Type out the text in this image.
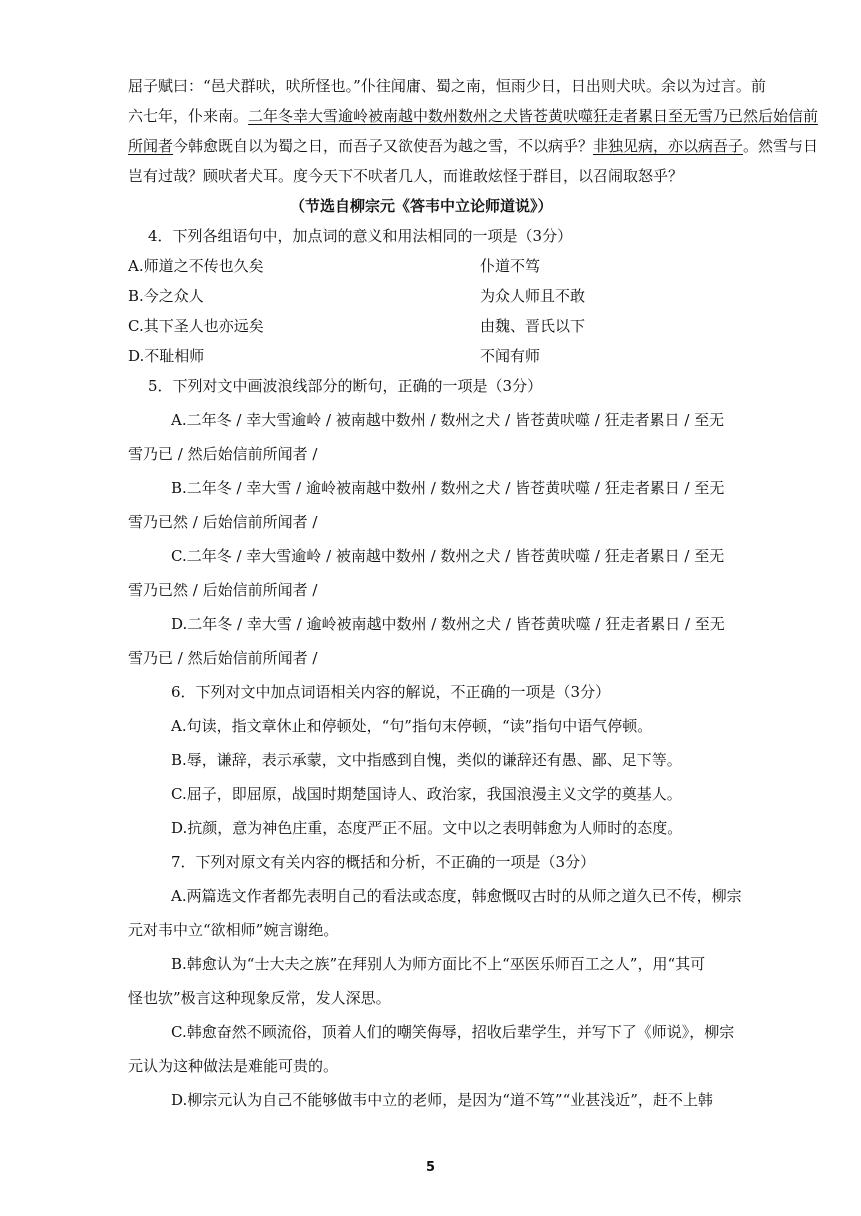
屈子赋曰：“邑犬群吠，吠所怪也。”仆往闻庸、蜀之南，恒雨少日，日出则犬吠。余以为过言。前
六七年，仆来南。二年冬幸大雪逾岭被南越中数州数州之犬皆苍黄吠噬狂走者累日至无雪乃已然后始信前
所闻者今韩愈既自以为蜀之日，而吾子又欲使吾为越之雪，不以病乎？非独见病，亦以病吾子。然雪与日
岂有过哉？顾吠者犬耳。度今天下不吠者几人，而谁敢炫怪于群目，以召闹取怒乎？
（节选自柳宗元《答韦中立论师道说》）
4．下列各组语句中，加点词的意义和用法相同的一项是（3分）
A.师道之不传也久矣	仆道不笃
B.今之众人	为众人师且不敢
C.其下圣人也亦远矣	由魏、晋氏以下
D.不耻相师	不闻有师
5．下列对文中画波浪线部分的断句，正确的一项是（3分）
A.二年冬 / 幸大雪逾岭 / 被南越中数州 / 数州之犬 / 皆苍黄吠噬 / 狂走者累日 / 至无
雪乃已 / 然后始信前所闻者 /
B.二年冬 / 幸大雪 / 逾岭被南越中数州 / 数州之犬 / 皆苍黄吠噬 / 狂走者累日 / 至无
雪乃已然 / 后始信前所闻者 /
C.二年冬 / 幸大雪逾岭 / 被南越中数州 / 数州之犬 / 皆苍黄吠噬 / 狂走者累日 / 至无
雪乃已然 / 后始信前所闻者 /
D.二年冬 / 幸大雪 / 逾岭被南越中数州 / 数州之犬 / 皆苍黄吠噬 / 狂走者累日 / 至无
雪乃已 / 然后始信前所闻者 /
6．下列对文中加点词语相关内容的解说，不正确的一项是（3分）
A.句读，指文章休止和停顿处，“句”指句末停顿，“读”指句中语气停顿。
B.辱，谦辞，表示承蒙，文中指感到自愧，类似的谦辞还有愚、鄙、足下等。
C.屈子，即屈原，战国时期楚国诗人、政治家，我国浪漫主义文学的奠基人。
D.抗颜，意为神色庄重，态度严正不屈。文中以之表明韩愈为人师时的态度。
7．下列对原文有关内容的概括和分析，不正确的一项是（3分）
A.两篇选文作者都先表明自己的看法或态度，韩愈慨叹古时的从师之道久已不传，柳宗
元对韦中立“欲相师”婉言谢绝。
B.韩愈认为“士大夫之族”在拜别人为师方面比不上“巫医乐师百工之人”，用“其可
怪也欤”极言这种现象反常，发人深思。
C.韩愈奋然不顾流俗，顶着人们的嘲笑侮辱，招收后辈学生，并写下了《师说》，柳宗
元认为这种做法是难能可贵的。
D.柳宗元认为自己不能够做韦中立的老师，是因为“道不笃”“业甚浅近”，赶不上韩
5
